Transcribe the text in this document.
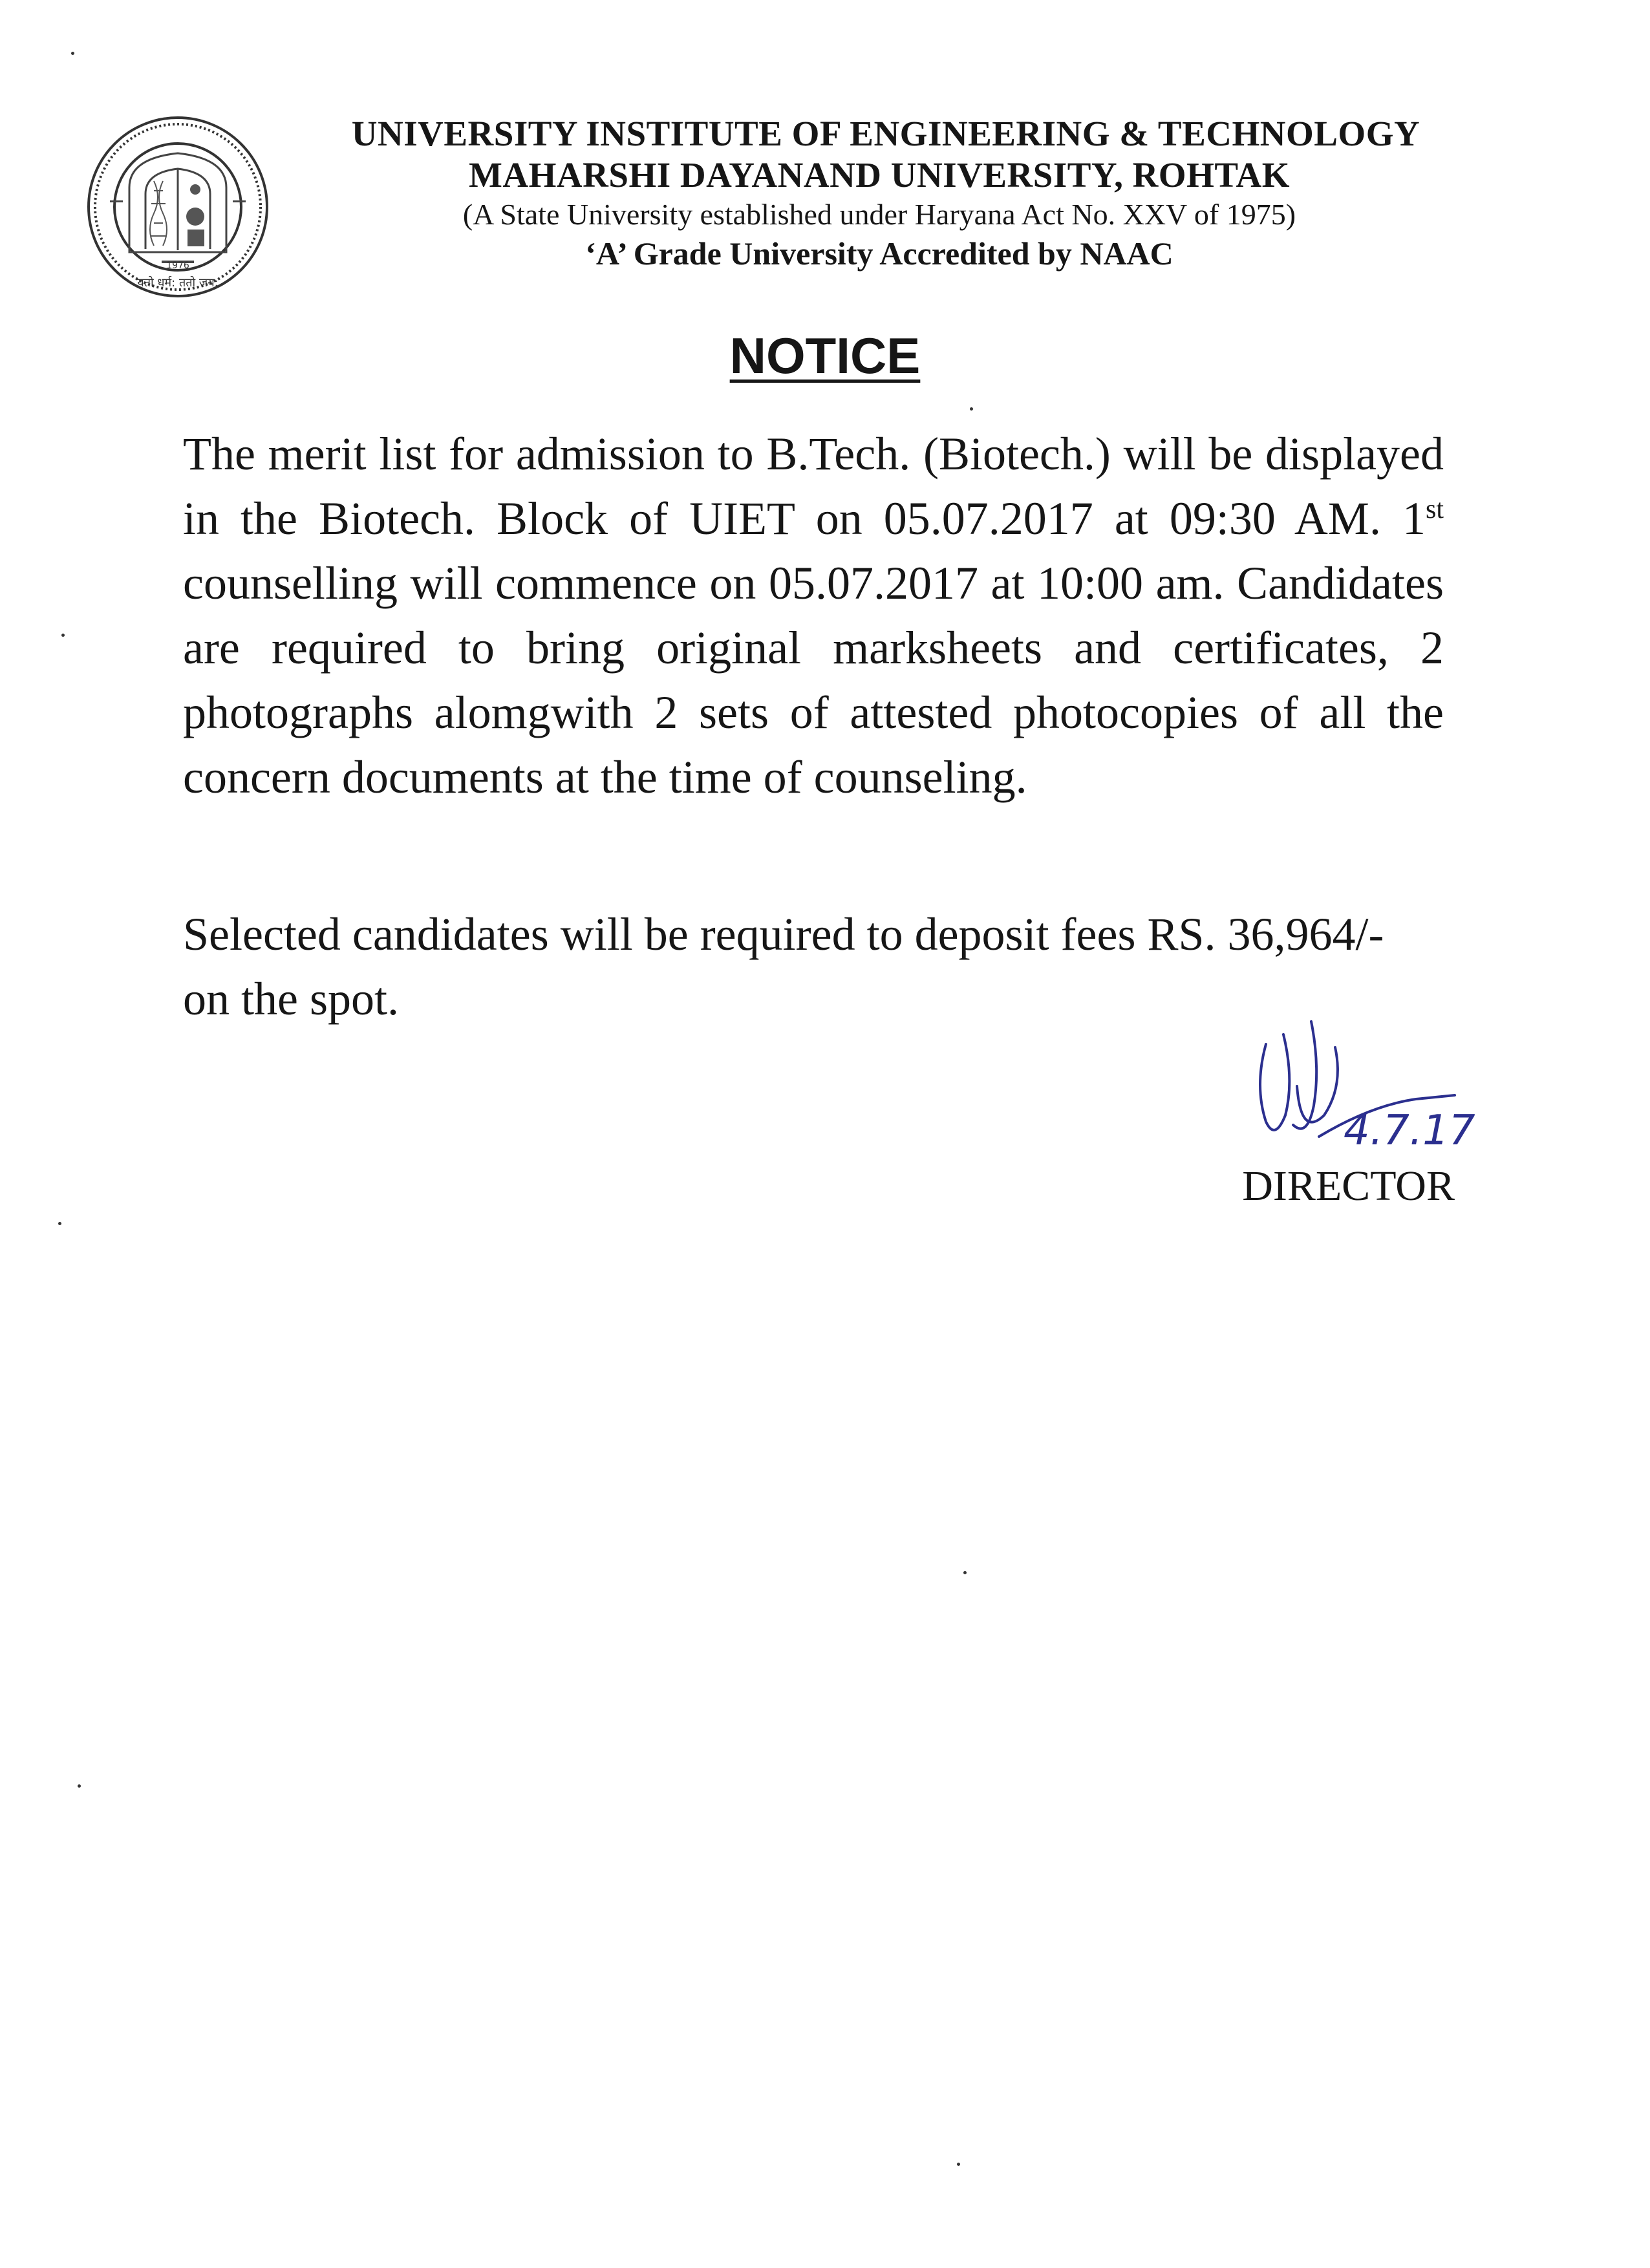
1976
यतो धर्म: ततो जय:
UNIVERSITY INSTITUTE OF ENGINEERING & TECHNOLOGY
MAHARSHI DAYANAND UNIVERSITY, ROHTAK
(A State University established under Haryana Act No. XXV of 1975)
‘A’ Grade University Accredited by NAAC
NOTICE

The merit list for admission to B.Tech. (Biotech.) will be displayed in the Biotech. Block of UIET on 05.07.2017 at 09:30 AM. 1st counselling will commence on 05.07.2017 at 10:00 am. Candidates are required to bring original marksheets and certificates, 2 photographs alomgwith 2 sets of attested photocopies of all the concern documents at the time of counseling.

Selected candidates will be required to deposit fees RS. 36,964/-
on the spot.

4.7.17
DIRECTOR
